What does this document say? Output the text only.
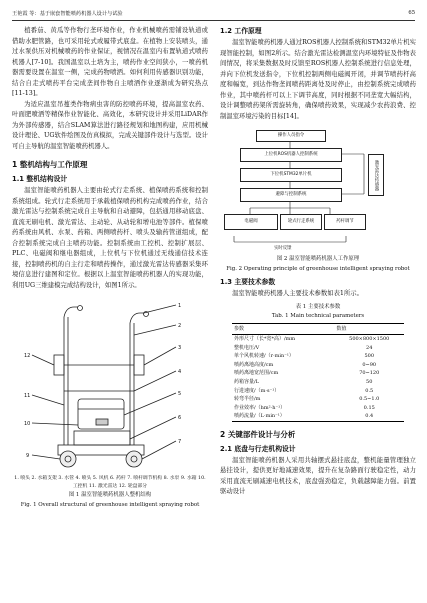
王艳霞 等：基于嵌套智能喷药机器人设计与试验	65

植番茄、黄瓜等作物行垄环境作业，作业机械喷药需铺设轨道或借助水肥管路，也可采用轮式或履带式底盘。在植物上安装喷头，通过水泵供压对机械喷药的作业保证，视情况在温室内布置轨道式喷药机器人[7-10]。我国温室以土培为主，喷药作业空间狭小，一喷药机器需要设置在温室一侧，完成药物喷洒。如何利用传感器识别功能，结合自走式喷药平台完成垄间作物自主喷洒作业逐渐成为研究热点[11-13]。

为适应温室吊蔓类作物病虫害的防控喷药环境，提高温室农药、叶面肥喷洒等精保作业智能化、高效化，本研究设计并采用LiDAR作为外部传感器，结合SLAM算法进行路径规划和地图构建，应用机械设计理论、UG软件绘图及仿真模拟，完成关键部件设计与选型。设计可自主导航的温室智能喷药机器人。

1 整机结构与工作原理
1.1 整机结构设计

温室智能喷药机器人主要由轮式行走系统、植保喷药系统和控制系统组成。轮式行走系统用于承载植保喷药机构完成喷药作业，结合激光雷达与控制系统完成自主导航和自动避障，包括通用移动底盘、直流无刷电机、激光雷达、主动轮、从动轮和增电池等部件。植保喷药系统由风机、水泵、药箱、两侧喷药杆、喷头及输药管道组成，配合控制系统完成自主喷药功能。控制系统由工控机、控制扩展层、PLC、电磁阀和继电器组成，上位机与下位机通过无线通信技术连接，控制喷药机的自主行走和喷药操作，通过激光雷达传感器采集环境信息进行建图和定位。根据以上温室智能喷药机器人的实现功能，利用UG三维建模完成结构设计，如图1所示。

1
2
3
4
5
6
7
12
11
10
9
1. 喷头 2. 水箱支架 3. 水管 4. 喷头 5. 风机 6. 药杆 7. 喷杆调节机构 8. 水泵 9. 水箱 10. 工控机 11. 激光雷达 12. 轮盘部分
图 1 温室智能喷药机器人整机结构
Fig. 1 Overall structural of greenhouse intelligent spraying robot
1.2 工作原理

温室智能喷药机器人通过ROS机器人控制系统和STM32单片机实现智能控制，如图2所示。结合激光雷达检测温室内环境特征及作物表间情况，将采集数据及时反馈至ROS机器人控制系统进行信息处理，并向下位机发送指令，下位机控制两侧电磁阀开闭，并调节喷药杆高度和幅宽，到达作物垄间喷药距离处及时停止，由控制系统完成喷药作业，其中喷药杆可以上下调节高度，同时根据不同垄宽大幅结构，设计调整喷药架所需旋转角，确保喷药效果，实现减少农药浪费、控制温室环境污染的目标[14]。

操作人员指令
上位机ROS机器人控制系统
下位机STM32单片机	激光雷达传感器
避障与控制系统
电磁阀	轮式行走系统	药杆调节
实时反馈
图 2 温室智能喷药机器人工作原理
Fig. 2 Operating principle of greenhouse intelligent spraying robot
1.3 主要技术参数

温室智能喷药机器人主要技术参数如表1所示。

表 1 主要技术参数
Tab. 1 Main technical parameters
参数	数值
外形尺寸（长*宽*高）/mm	500×800×1500
整机电压/V	24
单个风机转速/（r·min⁻¹）	500
喷药离地高度/cm	0~90
喷药离地宽范围/cm	70~120
药箱容量/L	50
行进速度/（m·s⁻¹）	0.5
转弯半径/m	0.5~1.0
作业效率/（hm²·h⁻¹）	0.15
喷药流量/（L·min⁻¹）	0.4
2 关键部件设计与分析
2.1 底盘与行走机构设计

温室智能喷药机器人采用共轴摆式悬挂底盘，整机能量管理独立悬挂设计，提供更好地减速效果，提升在复杂路面行驶稳定性，动力采用直流无刷减速电机技术，底盘强劲稳定，负载越障能力强。前置驱动设计
